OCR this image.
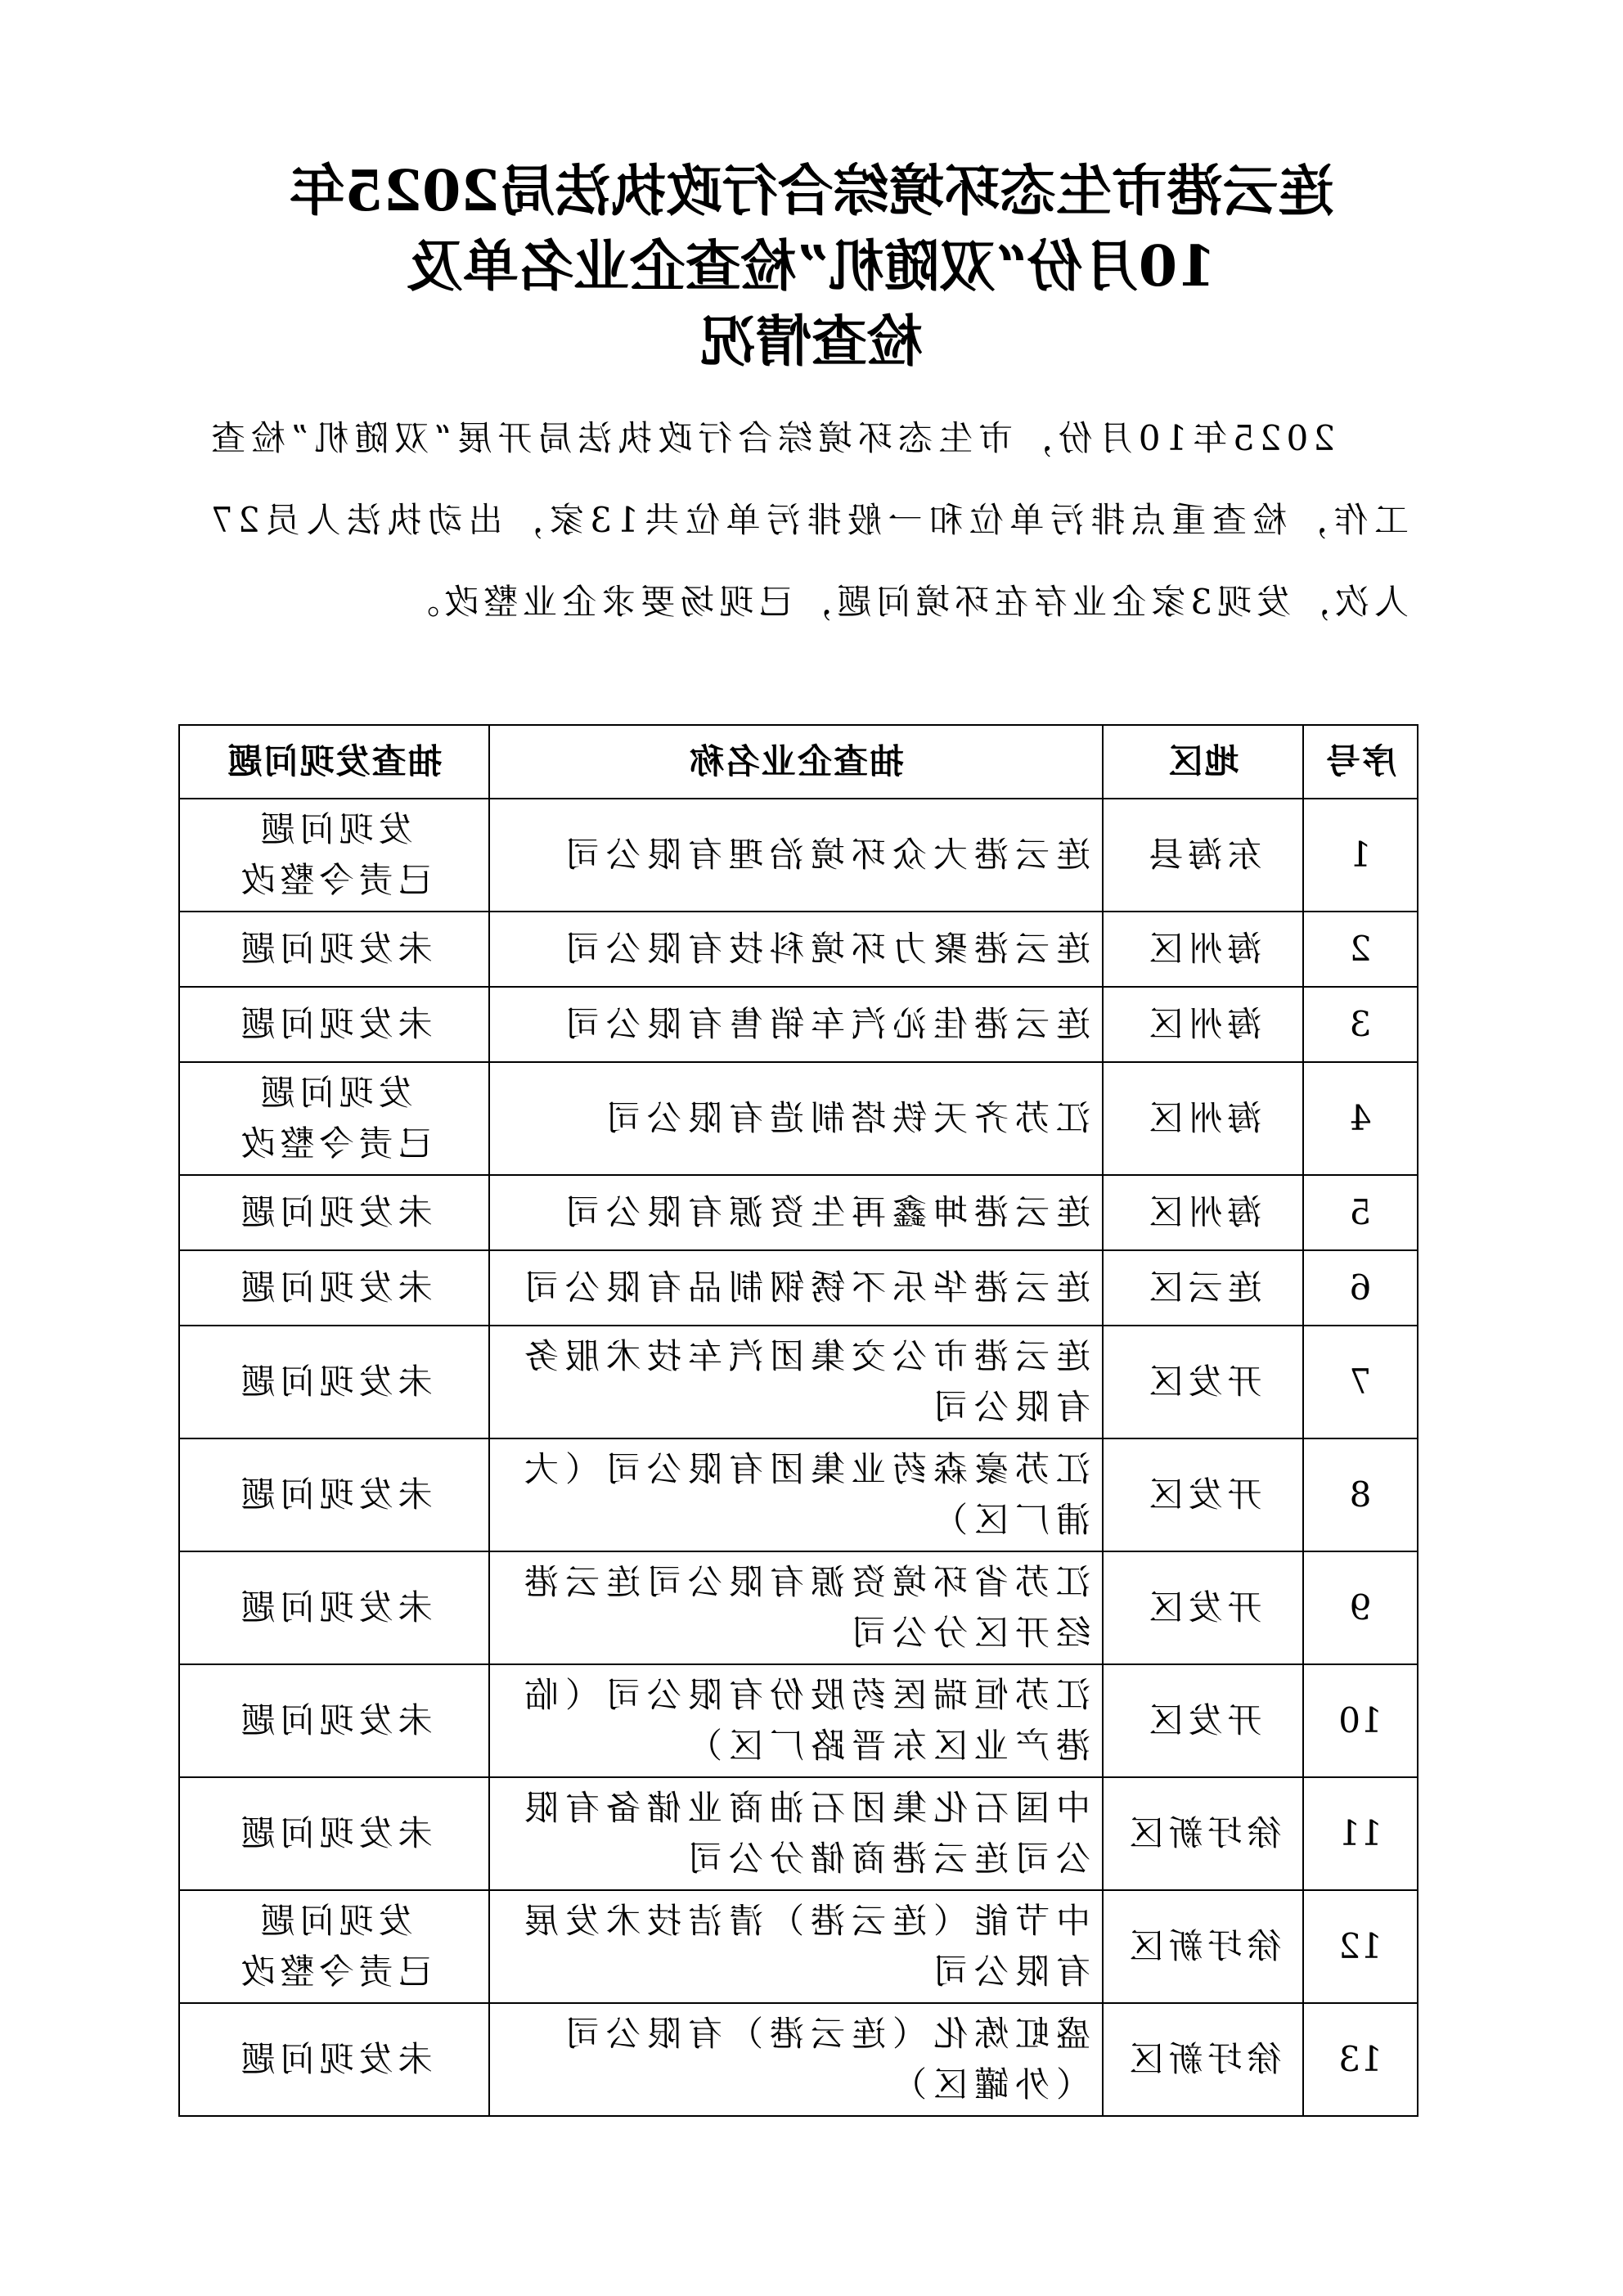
连云港市生态环境综合行政执法局2025年
10月份“双随机”检查企业名单及
检查情况
2025年10月份，市生态环境综合行政执法局开展“双随机”检查工作，检查重点排污单位和一般排污单位共13家，出动执法人员27人次，发现3家企业存在环境问题，已现场要求企业整改。
序号	地区	抽查企业名称	抽查发现问题
1	东海县	连云港大众环境治理有限公司	发现问题
已责令整改

2	海州区	连云港聚力环境科技有限公司	未发现问题
3	海州区	连云港佳沁汽车销售有限公司	未发现问题
4	海州区	江苏齐天铁塔制造有限公司	发现问题
已责令整改

5	海州区	连云港坤鑫再生资源有限公司	未发现问题
6	连云区	连云港华乐不锈钢制品有限公司	未发现问题
7	开发区	连云港市公交集团汽车技术服务有限公司	未发现问题
8	开发区	江苏豪森药业集团有限公司（大浦厂区）	未发现问题
9	开发区	江苏省环境资源有限公司连云港经开区分公司	未发现问题
10	开发区	江苏恒瑞医药股份有限公司（临港产业区东晋路厂区）	未发现问题
11	徐圩新区	中国石化集团石油商业储备有限公司连云港商储分公司	未发现问题
12	徐圩新区	中节能（连云港）清洁技术发展有限公司	发现问题
已责令整改

13	徐圩新区	盛虹炼化（连云港）有限公司（外罐区）	未发现问题
